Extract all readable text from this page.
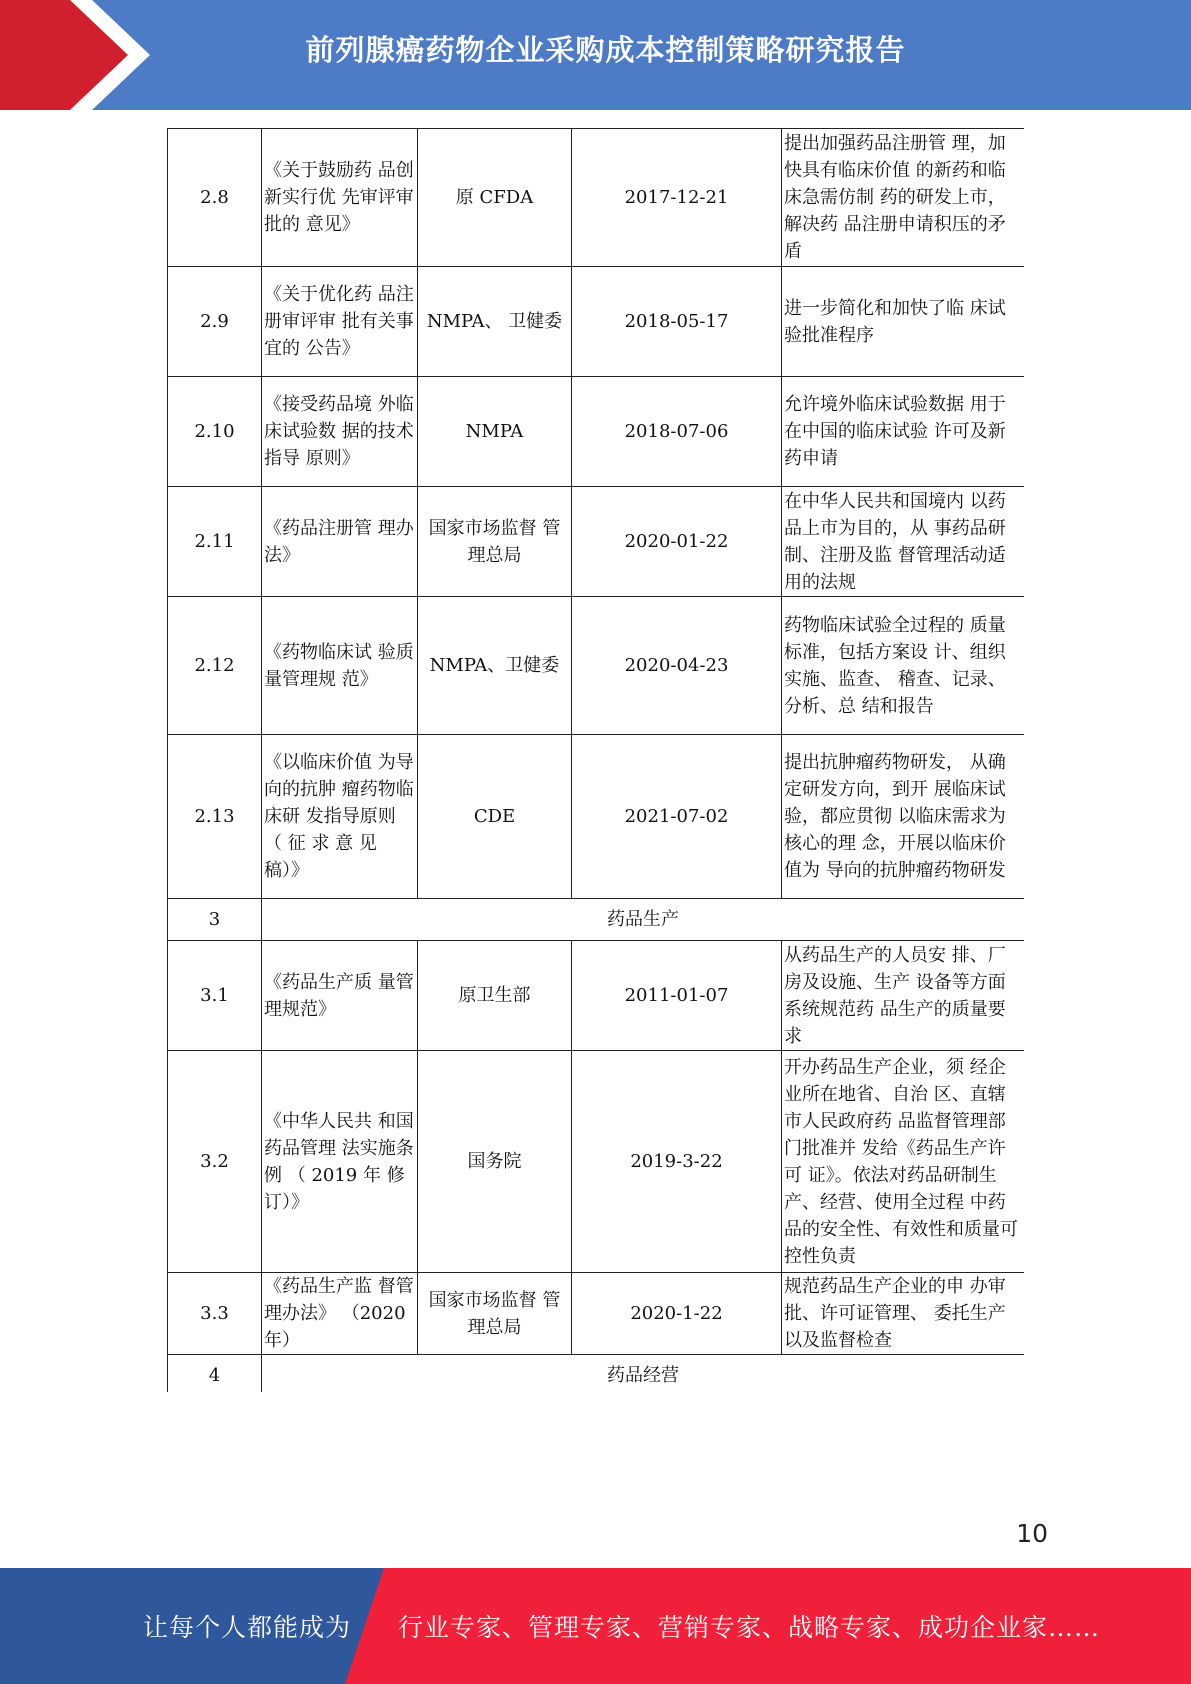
前列腺癌药物企业采购成本控制策略研究报告
2.8	《关于鼓励药 品创新实行优 先审评审批的 意见》	原 CFDA	2017-12-21	提出加强药品注册管 理，加快具有临床价值 的新药和临床急需仿制 药的研发上市，解决药 品注册申请积压的矛盾
2.9	《关于优化药 品注册审评审 批有关事宜的 公告》	NMPA、 卫健委	2018-05-17	进一步简化和加快了临 床试验批准程序
2.10	《接受药品境 外临床试验数 据的技术指导 原则》	NMPA	2018-07-06	允许境外临床试验数据 用于在中国的临床试验 许可及新药申请
2.11	《药品注册管 理办法》	国家市场监督 管理总局	2020-01-22	在中华人民共和国境内 以药品上市为目的，从 事药品研制、注册及监 督管理活动适用的法规
2.12	《药物临床试 验质量管理规 范》	NMPA、卫健委	2020-04-23	药物临床试验全过程的 质量标准，包括方案设 计、组织实施、监查、 稽查、记录、分析、总 结和报告
2.13	《以临床价值 为导向的抗肿 瘤药物临床研 发指导原则 （ 征 求 意 见 稿）》	CDE	2021-07-02	提出抗肿瘤药物研发， 从确定研发方向，到开 展临床试验，都应贯彻 以临床需求为核心的理 念，开展以临床价值为 导向的抗肿瘤药物研发
3	药品生产			
3.1	《药品生产质 量管理规范》	原卫生部	2011-01-07	从药品生产的人员安 排、厂房及设施、生产 设备等方面系统规范药 品生产的质量要求
3.2	《中华人民共 和国药品管理 法实施条例 （ 2019 年 修 订）》	国务院	2019-3-22	开办药品生产企业，须 经企业所在地省、自治 区、直辖市人民政府药 品监督管理部门批准并 发给《药品生产许可 证》。依法对药品研制生 产、经营、使用全过程 中药品的安全性、有效性和质量可控性负责
3.3	《药品生产监 督管理办法》 （2020 年）	国家市场监督 管理总局	2020-1-22	规范药品生产企业的申 办审批、许可证管理、 委托生产以及监督检查
4	药品经营			
10
让每个人都能成为 行业专家、管理专家、营销专家、战略专家、成功企业家……
